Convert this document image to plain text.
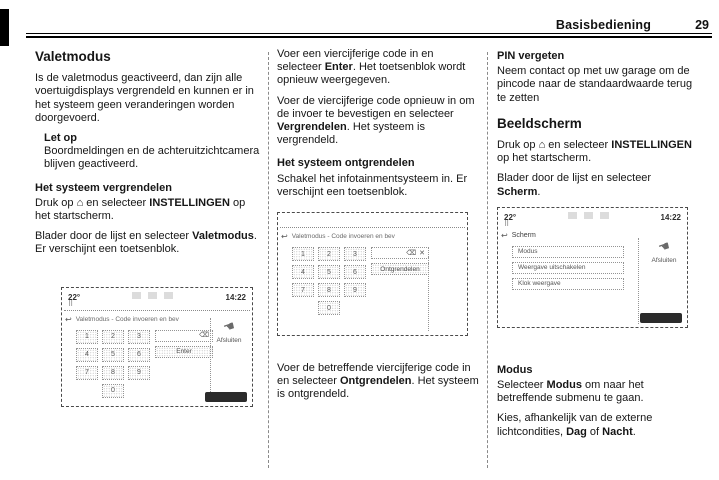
Basisbediening	29
Valetmodus

Is de valetmodus geactiveerd, dan zijn alle voertuigdisplays vergrendeld en kunnen er in het systeem geen veranderingen worden doorgevoerd.

Let op

Boordmeldingen en de achteruitzichtcamera blijven geactiveerd.

Het systeem vergrendelen

Druk op ⌂ en selecteer INSTELLINGEN op het startscherm.

Blader door de lijst en selecteer Valetmodus. Er verschijnt een toetsenblok.

22°	14:22
⠿
↩ Valetmodus - Code invoeren en bev
1	2	3
4	5	6
7	8	9
0
⌫
Enter
☚
Afsluiten

Voer een viercijferige code in en selecteer Enter. Het toetsenblok wordt opnieuw weergegeven.

Voer de viercijferige code opnieuw in om de invoer te bevestigen en selecteer Vergrendelen. Het systeem is vergrendeld.

Het systeem ontgrendelen

Schakel het infotainmentsysteem in. Er verschijnt een toetsenblok.

↩ Valetmodus - Code invoeren en bev
1	2	3
4	5	6
7	8	9
0
⌫ ✕
Ontgrendelen

Voer de betreffende viercijferige code in en selecteer Ontgrendelen. Het systeem is ontgrendeld.

PIN vergeten

Neem contact op met uw garage om de pincode naar de standaardwaarde terug te zetten

Beeldscherm

Druk op ⌂ en selecteer INSTELLINGEN op het startscherm.

Blader door de lijst en selecteer Scherm.

22°	14:22
⠿
↩ Scherm
Modus
Weergave uitschakelen
Klok weergave
☚
Afsluiten
Modus

Selecteer Modus om naar het betreffende submenu te gaan.

Kies, afhankelijk van de externe lichtcondities, Dag of Nacht.
